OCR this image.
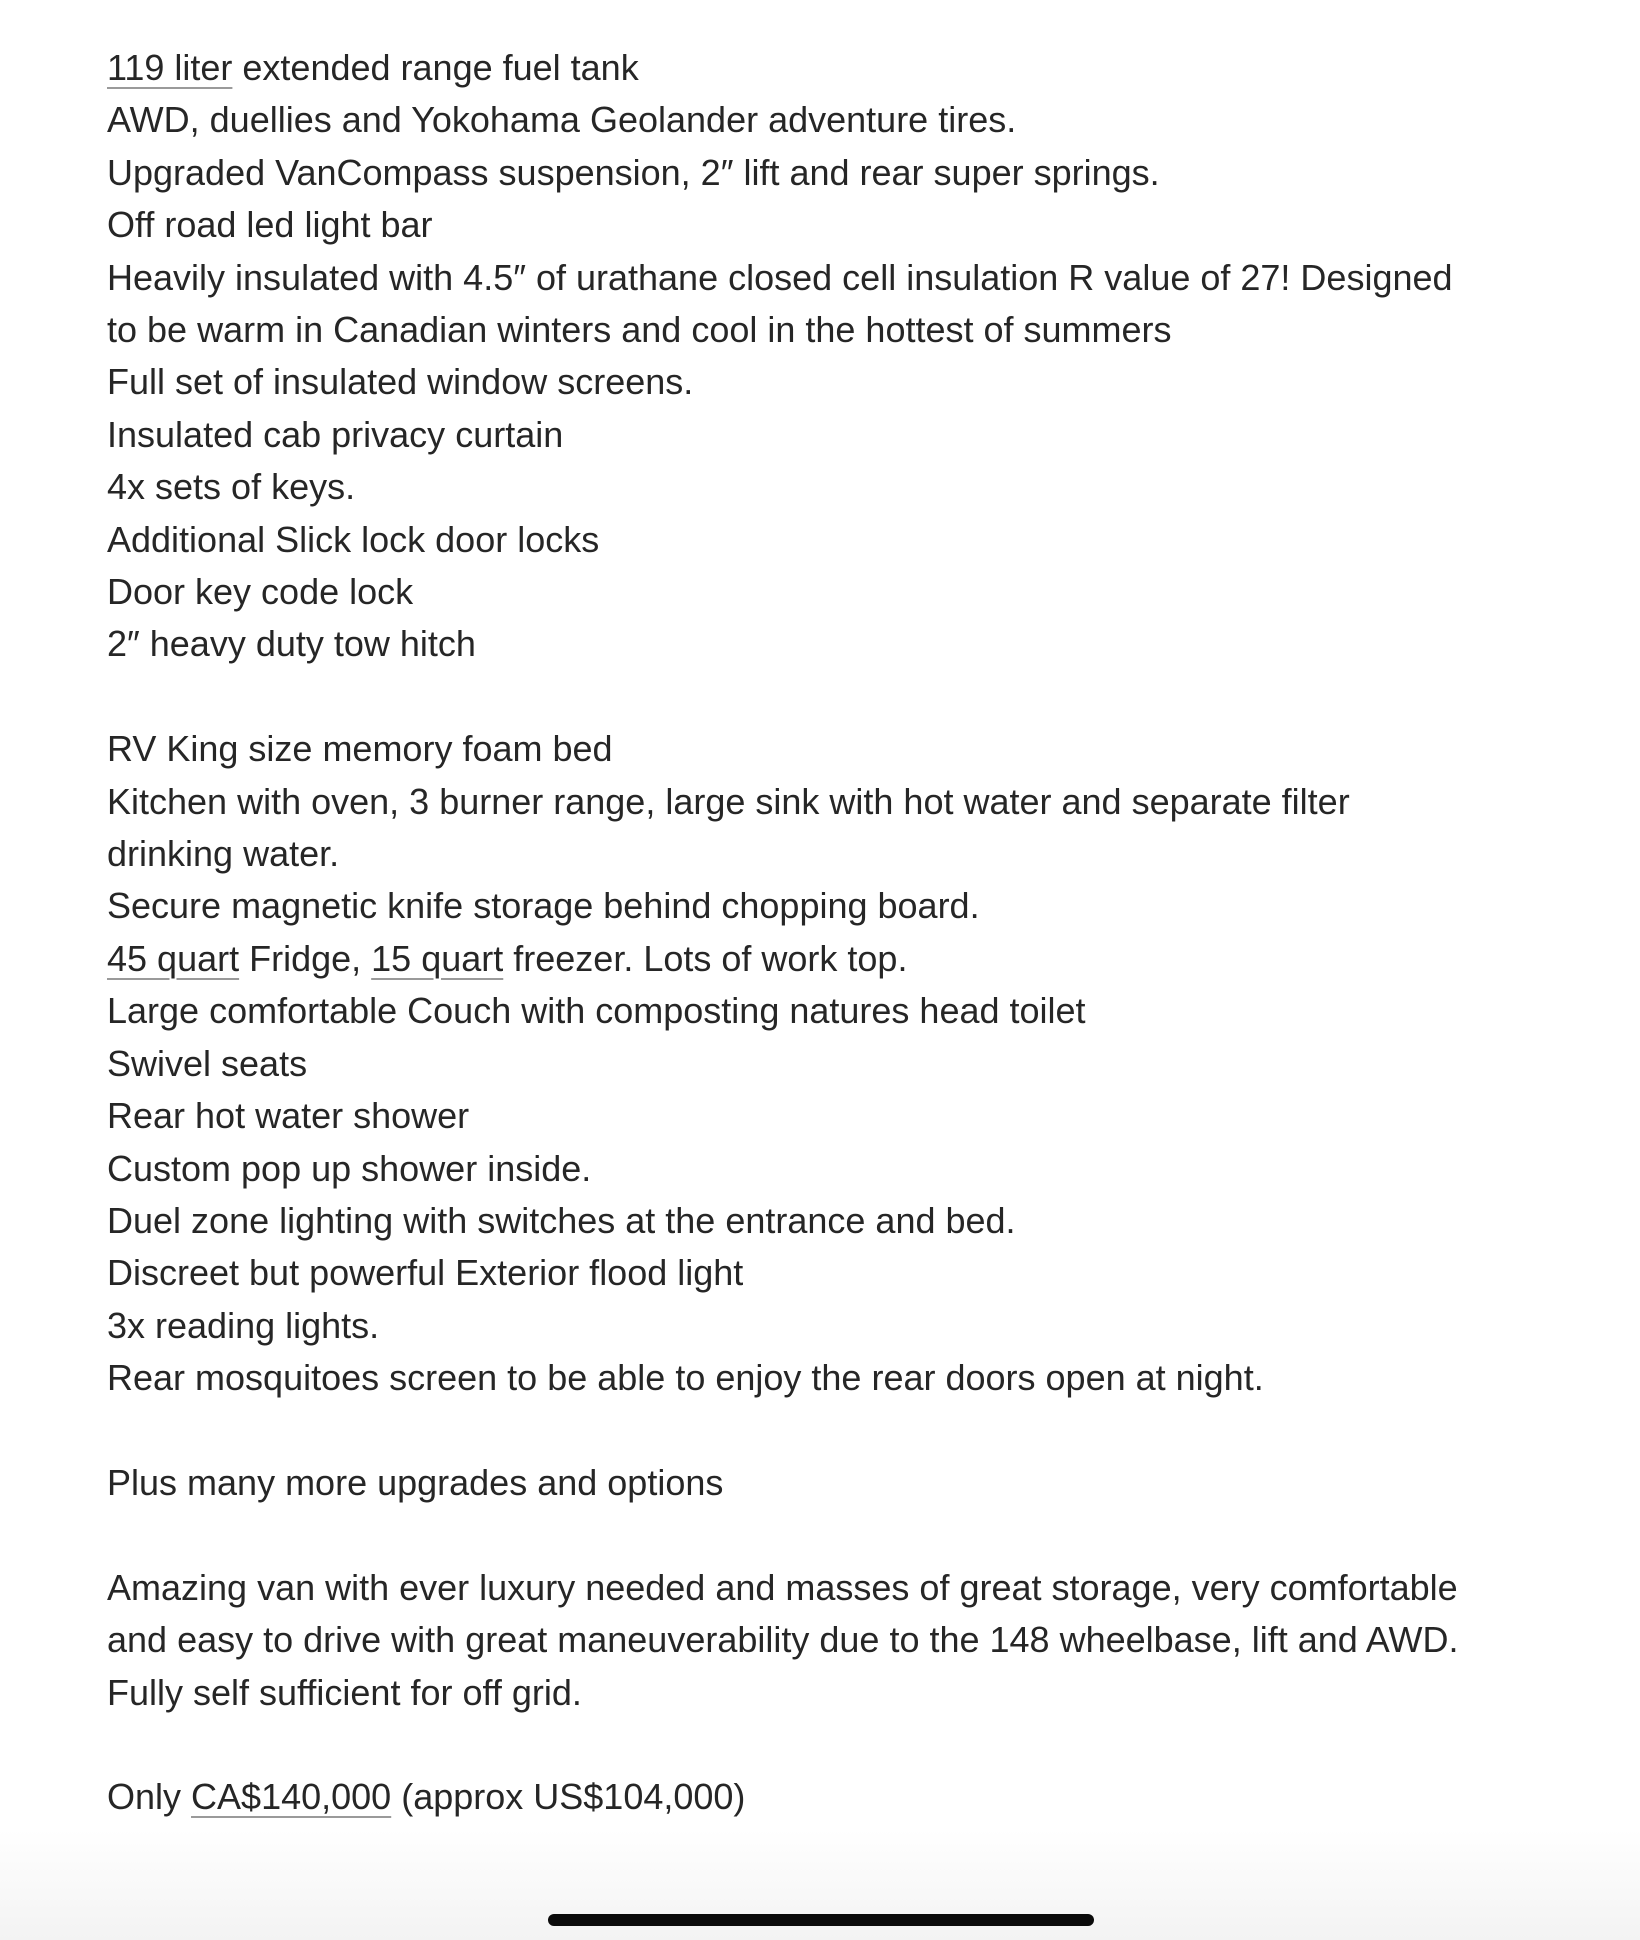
119 liter extended range fuel tank
AWD, duellies and Yokohama Geolander adventure tires.
Upgraded VanCompass suspension, 2″ lift and rear super springs.
Off road led light bar
Heavily insulated with 4.5″ of urathane closed cell insulation R value of 27! Designed
to be warm in Canadian winters and cool in the hottest of summers
Full set of insulated window screens.
Insulated cab privacy curtain
4x sets of keys.
Additional Slick lock door locks
Door key code lock
2″ heavy duty tow hitch
RV King size memory foam bed
Kitchen with oven, 3 burner range, large sink with hot water and separate filter
drinking water.
Secure magnetic knife storage behind chopping board.
45 quart Fridge, 15 quart freezer. Lots of work top.
Large comfortable Couch with composting natures head toilet
Swivel seats
Rear hot water shower
Custom pop up shower inside.
Duel zone lighting with switches at the entrance and bed.
Discreet but powerful Exterior flood light
3x reading lights.
Rear mosquitoes screen to be able to enjoy the rear doors open at night.
Plus many more upgrades and options
Amazing van with ever luxury needed and masses of great storage, very comfortable
and easy to drive with great maneuverability due to the 148 wheelbase, lift and AWD.
Fully self sufficient for off grid.
Only CA$140,000 (approx US$104,000)
